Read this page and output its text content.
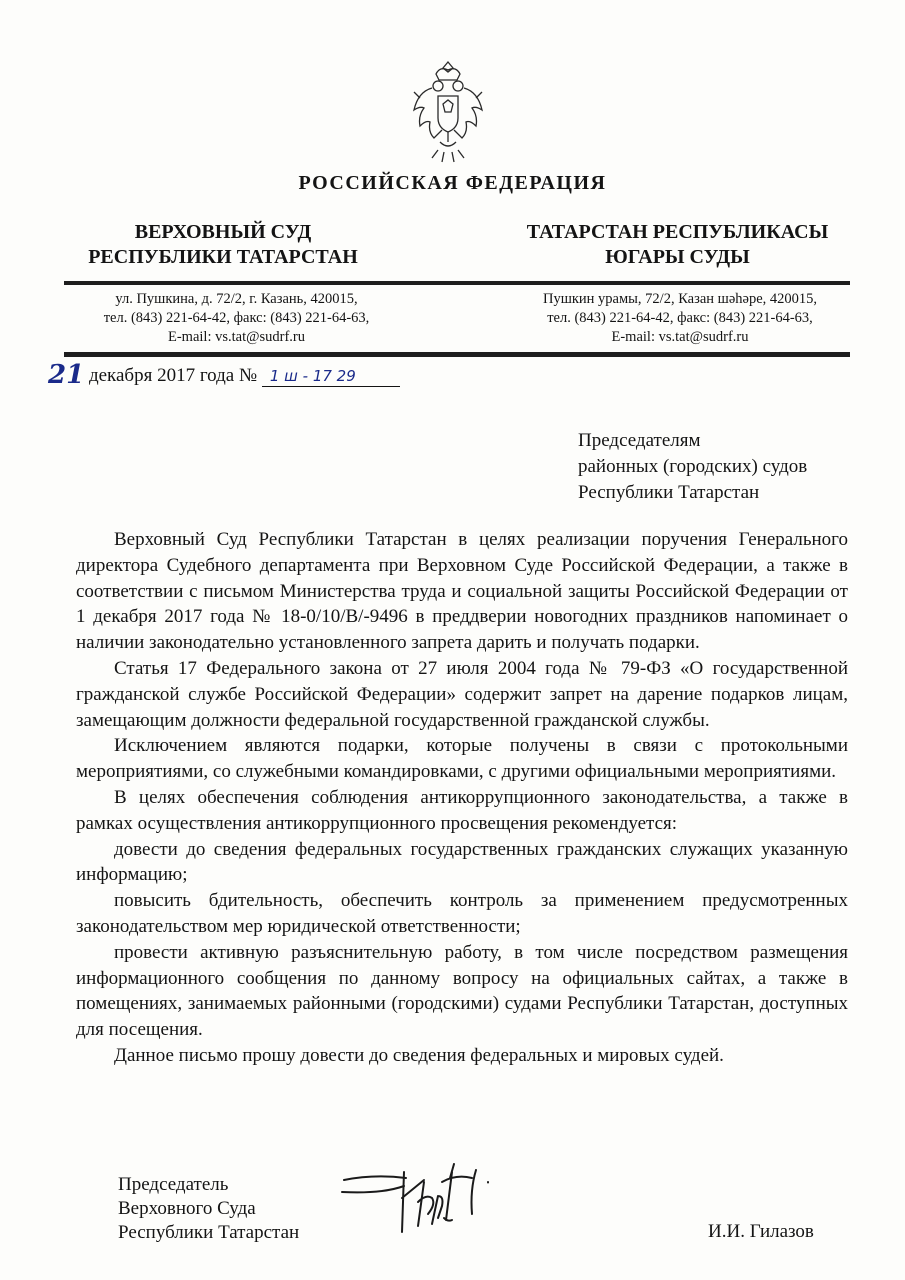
РОССИЙСКАЯ ФЕДЕРАЦИЯ
ВЕРХОВНЫЙ СУД
РЕСПУБЛИКИ ТАТАРСТАН
ТАТАРСТАН РЕСПУБЛИКАСЫ
ЮГАРЫ СУДЫ
ул. Пушкина, д. 72/2, г. Казань, 420015,
тел. (843) 221-64-42, факс: (843) 221-64-63,
E-mail: vs.tat@sudrf.ru
Пушкин урамы, 72/2, Казан шәһәре, 420015,
тел. (843) 221-64-42, факс: (843) 221-64-63,
E-mail: vs.tat@sudrf.ru
21 декабря 2017 года № 1 ш - 17 29
Председателям
районных (городских) судов
Республики Татарстан

Верховный Суд Республики Татарстан в целях реализации поручения Генерального директора Судебного департамента при Верховном Суде Российской Федерации, а также в соответствии с письмом Министерства труда и социальной защиты Российской Федерации от 1 декабря 2017 года № 18-0/10/В/-9496 в преддверии новогодних праздников напоминает о наличии законодательно установленного запрета дарить и получать подарки.

Статья 17 Федерального закона от 27 июля 2004 года № 79-ФЗ «О государственной гражданской службе Российской Федерации» содержит запрет на дарение подарков лицам, замещающим должности федеральной государственной гражданской службы.

Исключением являются подарки, которые получены в связи с протокольными мероприятиями, со служебными командировками, с другими официальными мероприятиями.

В целях обеспечения соблюдения антикоррупционного законодательства, а также в рамках осуществления антикоррупционного просвещения рекомендуется:

довести до сведения федеральных государственных гражданских служащих указанную информацию;

повысить бдительность, обеспечить контроль за применением предусмотренных законодательством мер юридической ответственности;

провести активную разъяснительную работу, в том числе посредством размещения информационного сообщения по данному вопросу на официальных сайтах, а также в помещениях, занимаемых районными (городскими) судами Республики Татарстан, доступных для посещения.

Данное письмо прошу довести до сведения федеральных и мировых судей.

Председатель
Верховного Суда
Республики Татарстан	И.И. Гилазов
